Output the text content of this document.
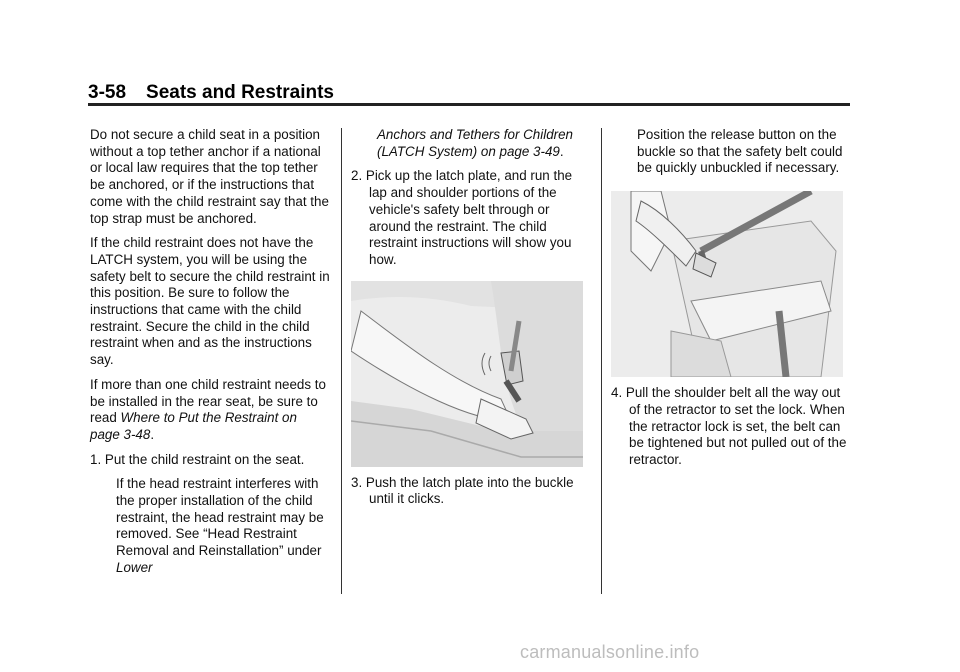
3-58 Seats and Restraints

Do not secure a child seat in a position without a top tether anchor if a national or local law requires that the top tether be anchored, or if the instructions that come with the child restraint say that the top strap must be anchored.

If the child restraint does not have the LATCH system, you will be using the safety belt to secure the child restraint in this position. Be sure to follow the instructions that came with the child restraint. Secure the child in the child restraint when and as the instructions say.

If more than one child restraint needs to be installed in the rear seat, be sure to read Where to Put the Restraint on page 3-48.

1. Put the child restraint on the seat.
If the head restraint interferes with the proper installation of the child restraint, the head restraint may be removed. See “Head Restraint Removal and Reinstallation” under Lower
Anchors and Tethers for Children (LATCH System) on page 3-49.
2. Pick up the latch plate, and run the lap and shoulder portions of the vehicle's safety belt through or around the restraint. The child restraint instructions will show you how.
3. Push the latch plate into the buckle until it clicks.
Position the release button on the buckle so that the safety belt could be quickly unbuckled if necessary.
4. Pull the shoulder belt all the way out of the retractor to set the lock. When the retractor lock is set, the belt can be tightened but not pulled out of the retractor.
carmanualsonline.info
